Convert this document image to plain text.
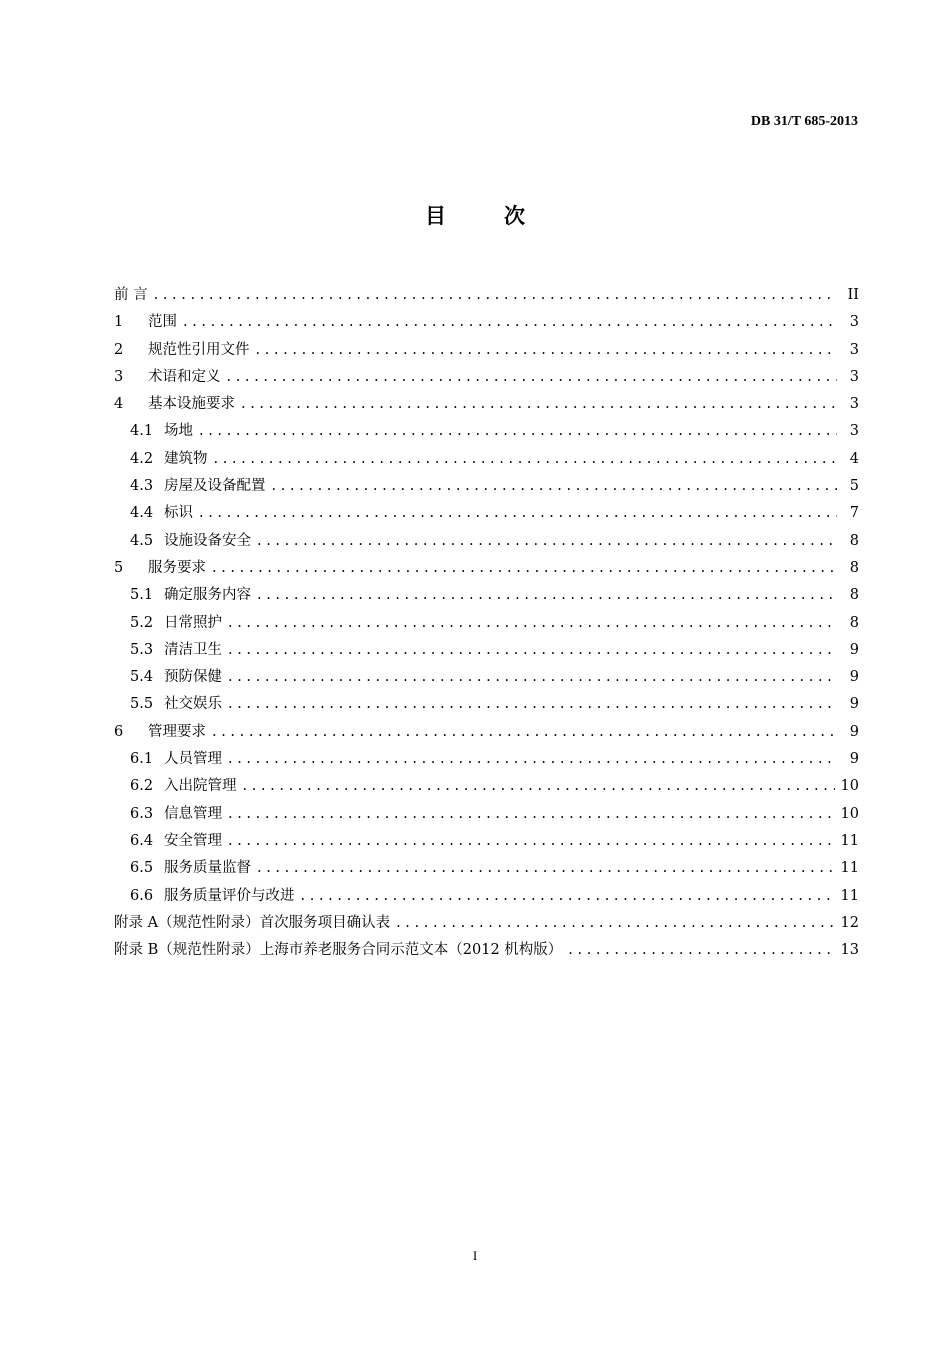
DB 31/T 685-2013
目	次
前 言 . . .	II
1	范围 . . .	3
2	规范性引用文件 . . .	3
3	术语和定义 . . .	3
4	基本设施要求 . . .	3
4.1 场地 . . .	3
4.2 建筑物 . . .	4
4.3 房屋及设备配置 . . .	5
4.4 标识 . . .	7
4.5 设施设备安全 . . .	8
5	服务要求 . . .	8
5.1 确定服务内容 . . .	8
5.2 日常照护 . . .	8
5.3 清洁卫生 . . .	9
5.4 预防保健 . . .	9
5.5 社交娱乐 . . .	9
6	管理要求 . . .	9
6.1 人员管理 . . .	9
6.2 入出院管理 . . .	10
6.3 信息管理 . . .	10
6.4 安全管理 . . .	11
6.5 服务质量监督 . . .	11
6.6 服务质量评价与改进 . . .	11
附录 A（规范性附录）首次服务项目确认表 . . .	12
附录 B（规范性附录）上海市养老服务合同示范文本（2012 机构版） . . .	13
I
